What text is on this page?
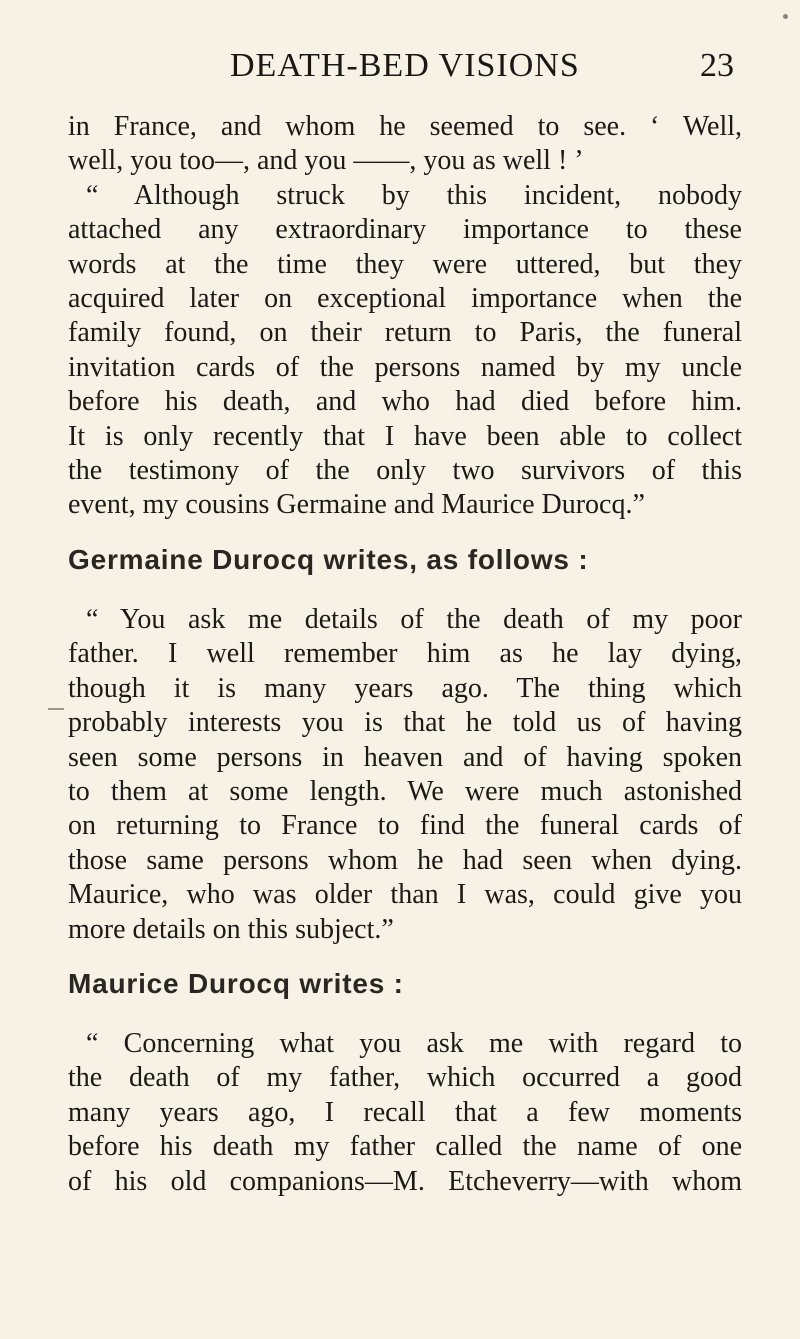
DEATH-BED VISIONS	23

in France, and whom he seemed to see. ‘ Well,
well, you too—, and you ——, you as well ! ’

“ Although struck by this incident, nobody
attached any extraordinary importance to these
words at the time they were uttered, but they
acquired later on exceptional importance when the
family found, on their return to Paris, the funeral
invitation cards of the persons named by my uncle
before his death, and who had died before him.
It is only recently that I have been able to collect
the testimony of the only two survivors of this
event, my cousins Germaine and Maurice Durocq.”

Germaine Durocq writes, as follows :

“ You ask me details of the death of my poor
father. I well remember him as he lay dying,
though it is many years ago. The thing which
probably interests you is that he told us of having
seen some persons in heaven and of having spoken
to them at some length. We were much astonished
on returning to France to find the funeral cards of
those same persons whom he had seen when dying.
Maurice, who was older than I was, could give you
more details on this subject.”

Maurice Durocq writes :

“ Concerning what you ask me with regard to
the death of my father, which occurred a good
many years ago, I recall that a few moments
before his death my father called the name of one
of his old companions—M. Etcheverry—with whom
